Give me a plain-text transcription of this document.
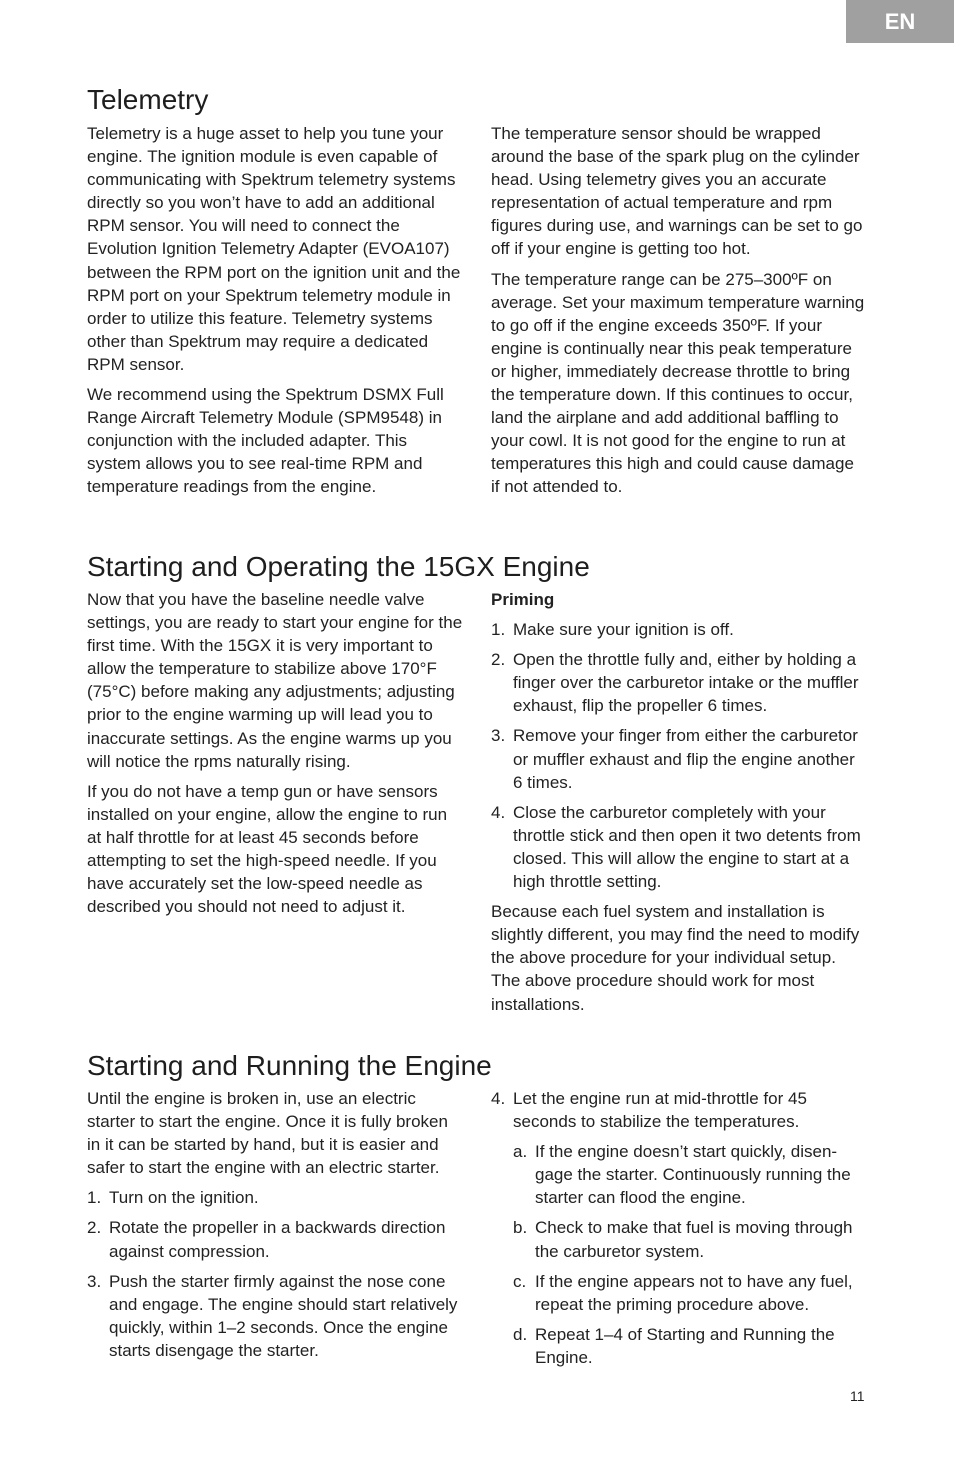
EN
Telemetry

Telemetry is a huge asset to help you tune your engine. The ignition module is even capable of communicating with Spektrum telemetry systems directly so you won’t have to add an additional RPM sensor. You will need to connect the Evolution Ignition Telemetry Adapter (EVOA107) between the RPM port on the ignition unit and the RPM port on your Spektrum telemetry module in order to utilize this feature. Telemetry systems other than Spektrum may require a dedicated RPM sensor.

We recommend using the Spektrum DSMX Full Range Aircraft Telemetry Module (SPM9548) in conjunction with the included adapter. This system allows you to see real-time RPM and temperature readings from the engine.

The temperature sensor should be wrapped around the base of the spark plug on the cylinder head. Using telemetry gives you an accurate representation of actual temperature and rpm figures during use, and warnings can be set to go off if your engine is getting too hot.

The temperature range can be 275–300ºF on average. Set your maximum temperature warning to go off if the engine exceeds 350ºF. If your engine is continually near this peak temperature or higher, immediately decrease throttle to bring the temperature down. If this continues to occur, land the airplane and add additional baffling to your cowl. It is not good for the engine to run at temperatures this high and could cause damage if not attended to.

Starting and Operating the 15GX Engine

Now that you have the baseline needle valve settings, you are ready to start your engine for the first time. With the 15GX it is very important to allow the temperature to stabilize above 170°F (75°C) before making any adjustments; adjusting prior to the engine warming up will lead you to inaccurate settings. As the engine warms up you will notice the rpms naturally rising.

If you do not have a temp gun or have sensors installed on your engine, allow the engine to run at half throttle for at least 45 seconds before attempting to set the high-speed needle. If you have accurately set the low-speed needle as described you should not need to adjust it.

Priming

1. Make sure your ignition is off.
2. Open the throttle fully and, either by holding a finger over the carburetor intake or the muffler exhaust, flip the propeller 6 times.
3. Remove your finger from either the carburetor or muffler exhaust and flip the engine another 6 times.
4. Close the carburetor completely with your throttle stick and then open it two detents from closed. This will allow the engine to start at a high throttle setting.

Because each fuel system and installation is slightly different, you may find the need to modify the above procedure for your individual setup. The above procedure should work for most installations.

Starting and Running the Engine

Until the engine is broken in, use an electric starter to start the engine. Once it is fully broken in it can be started by hand, but it is easier and safer to start the engine with an electric starter.

1. Turn on the ignition.
2. Rotate the propeller in a backwards direction against compression.
3. Push the starter firmly against the nose cone and engage. The engine should start relatively quickly, within 1–2 seconds. Once the engine starts disengage the starter.
4. Let the engine run at mid-throttle for 45 seconds to stabilize the temperatures.
a. If the engine doesn’t start quickly, disengage the starter. Continuously running the starter can flood the engine.
b. Check to make that fuel is moving through the carburetor system.
c. If the engine appears not to have any fuel, repeat the priming procedure above.
d. Repeat 1–4 of Starting and Running the Engine.
11
